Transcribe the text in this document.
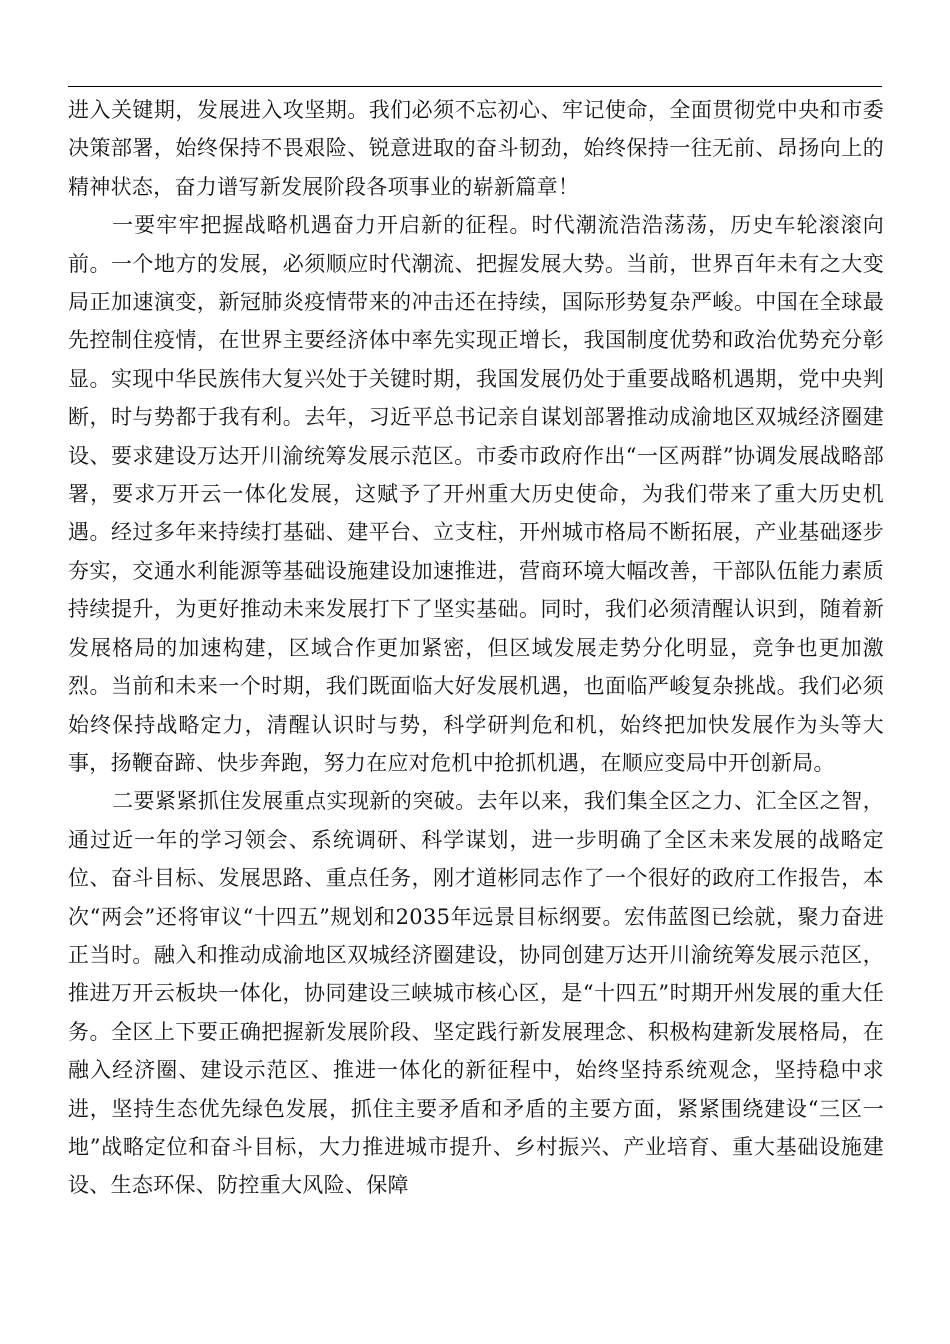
进入关键期，发展进入攻坚期。我们必须不忘初心、牢记使命，全面贯彻党中央和市委决策部署，始终保持不畏艰险、锐意进取的奋斗韧劲，始终保持一往无前、昂扬向上的精神状态，奋力谱写新发展阶段各项事业的崭新篇章！

一要牢牢把握战略机遇奋力开启新的征程。时代潮流浩浩荡荡，历史车轮滚滚向前。一个地方的发展，必须顺应时代潮流、把握发展大势。当前，世界百年未有之大变局正加速演变，新冠肺炎疫情带来的冲击还在持续，国际形势复杂严峻。中国在全球最先控制住疫情，在世界主要经济体中率先实现正增长，我国制度优势和政治优势充分彰显。实现中华民族伟大复兴处于关键时期，我国发展仍处于重要战略机遇期，党中央判断，时与势都于我有利。去年，习近平总书记亲自谋划部署推动成渝地区双城经济圈建设、要求建设万达开川渝统筹发展示范区。市委市政府作出“一区两群”协调发展战略部署，要求万开云一体化发展，这赋予了开州重大历史使命，为我们带来了重大历史机遇。经过多年来持续打基础、建平台、立支柱，开州城市格局不断拓展，产业基础逐步夯实，交通水利能源等基础设施建设加速推进，营商环境大幅改善，干部队伍能力素质持续提升，为更好推动未来发展打下了坚实基础。同时，我们必须清醒认识到，随着新发展格局的加速构建，区域合作更加紧密，但区域发展走势分化明显，竞争也更加激烈。当前和未来一个时期，我们既面临大好发展机遇，也面临严峻复杂挑战。我们必须始终保持战略定力，清醒认识时与势，科学研判危和机，始终把加快发展作为头等大事，扬鞭奋蹄、快步奔跑，努力在应对危机中抢抓机遇，在顺应变局中开创新局。

二要紧紧抓住发展重点实现新的突破。去年以来，我们集全区之力、汇全区之智，通过近一年的学习领会、系统调研、科学谋划，进一步明确了全区未来发展的战略定位、奋斗目标、发展思路、重点任务，刚才道彬同志作了一个很好的政府工作报告，本次“两会”还将审议“十四五”规划和2035年远景目标纲要。宏伟蓝图已绘就，聚力奋进正当时。融入和推动成渝地区双城经济圈建设，协同创建万达开川渝统筹发展示范区，推进万开云板块一体化，协同建设三峡城市核心区，是“十四五”时期开州发展的重大任务。全区上下要正确把握新发展阶段、坚定践行新发展理念、积极构建新发展格局，在融入经济圈、建设示范区、推进一体化的新征程中，始终坚持系统观念，坚持稳中求进，坚持生态优先绿色发展，抓住主要矛盾和矛盾的主要方面，紧紧围绕建设“三区一地”战略定位和奋斗目标，大力推进城市提升、乡村振兴、产业培育、重大基础设施建设、生态环保、防控重大风险、保障
